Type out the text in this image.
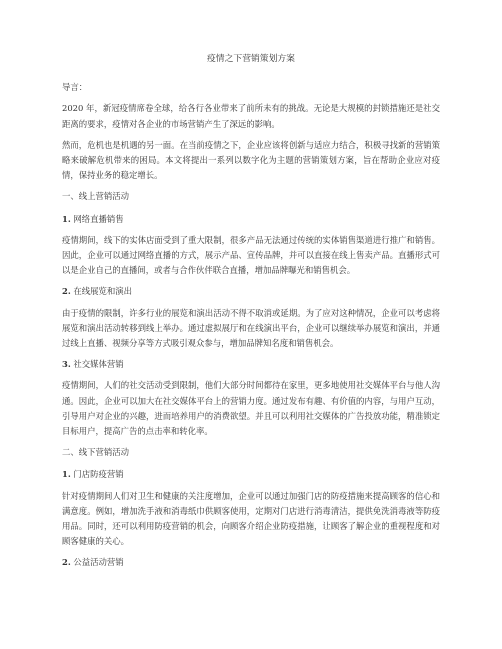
疫情之下营销策划方案

导言：

2020 年，新冠疫情席卷全球，给各行各业带来了前所未有的挑战。无论是大规模的封锁措施还是社交距离的要求，疫情对各企业的市场营销产生了深远的影响。

然而，危机也是机遇的另一面。在当前疫情之下，企业应该将创新与适应力结合，积极寻找新的营销策略来破解危机带来的困局。本文将提出一系列以数字化为主题的营销策划方案，旨在帮助企业应对疫情，保持业务的稳定增长。

一、线上营销活动

1. 网络直播销售

疫情期间，线下的实体店面受到了重大限制，很多产品无法通过传统的实体销售渠道进行推广和销售。因此，企业可以通过网络直播的方式，展示产品、宣传品牌，并可以直接在线上售卖产品。直播形式可以是企业自己的直播间，或者与合作伙伴联合直播，增加品牌曝光和销售机会。

2. 在线展览和演出

由于疫情的限制，许多行业的展览和演出活动不得不取消或延期。为了应对这种情况，企业可以考虑将展览和演出活动转移到线上举办。通过虚拟展厅和在线演出平台，企业可以继续举办展览和演出，并通过线上直播、视频分享等方式吸引观众参与，增加品牌知名度和销售机会。

3. 社交媒体营销

疫情期间，人们的社交活动受到限制，他们大部分时间都待在家里，更多地使用社交媒体平台与他人沟通。因此，企业可以加大在社交媒体平台上的营销力度。通过发布有趣、有价值的内容，与用户互动，引导用户对企业的兴趣，进而培养用户的消费欲望。并且可以利用社交媒体的广告投放功能，精准锁定目标用户，提高广告的点击率和转化率。

二、线下营销活动

1. 门店防疫营销

针对疫情期间人们对卫生和健康的关注度增加，企业可以通过加强门店的防疫措施来提高顾客的信心和满意度。例如，增加洗手液和消毒纸巾供顾客使用，定期对门店进行消毒清洁，提供免洗消毒液等防疫用品。同时，还可以利用防疫营销的机会，向顾客介绍企业防疫措施，让顾客了解企业的重视程度和对顾客健康的关心。

2. 公益活动营销
